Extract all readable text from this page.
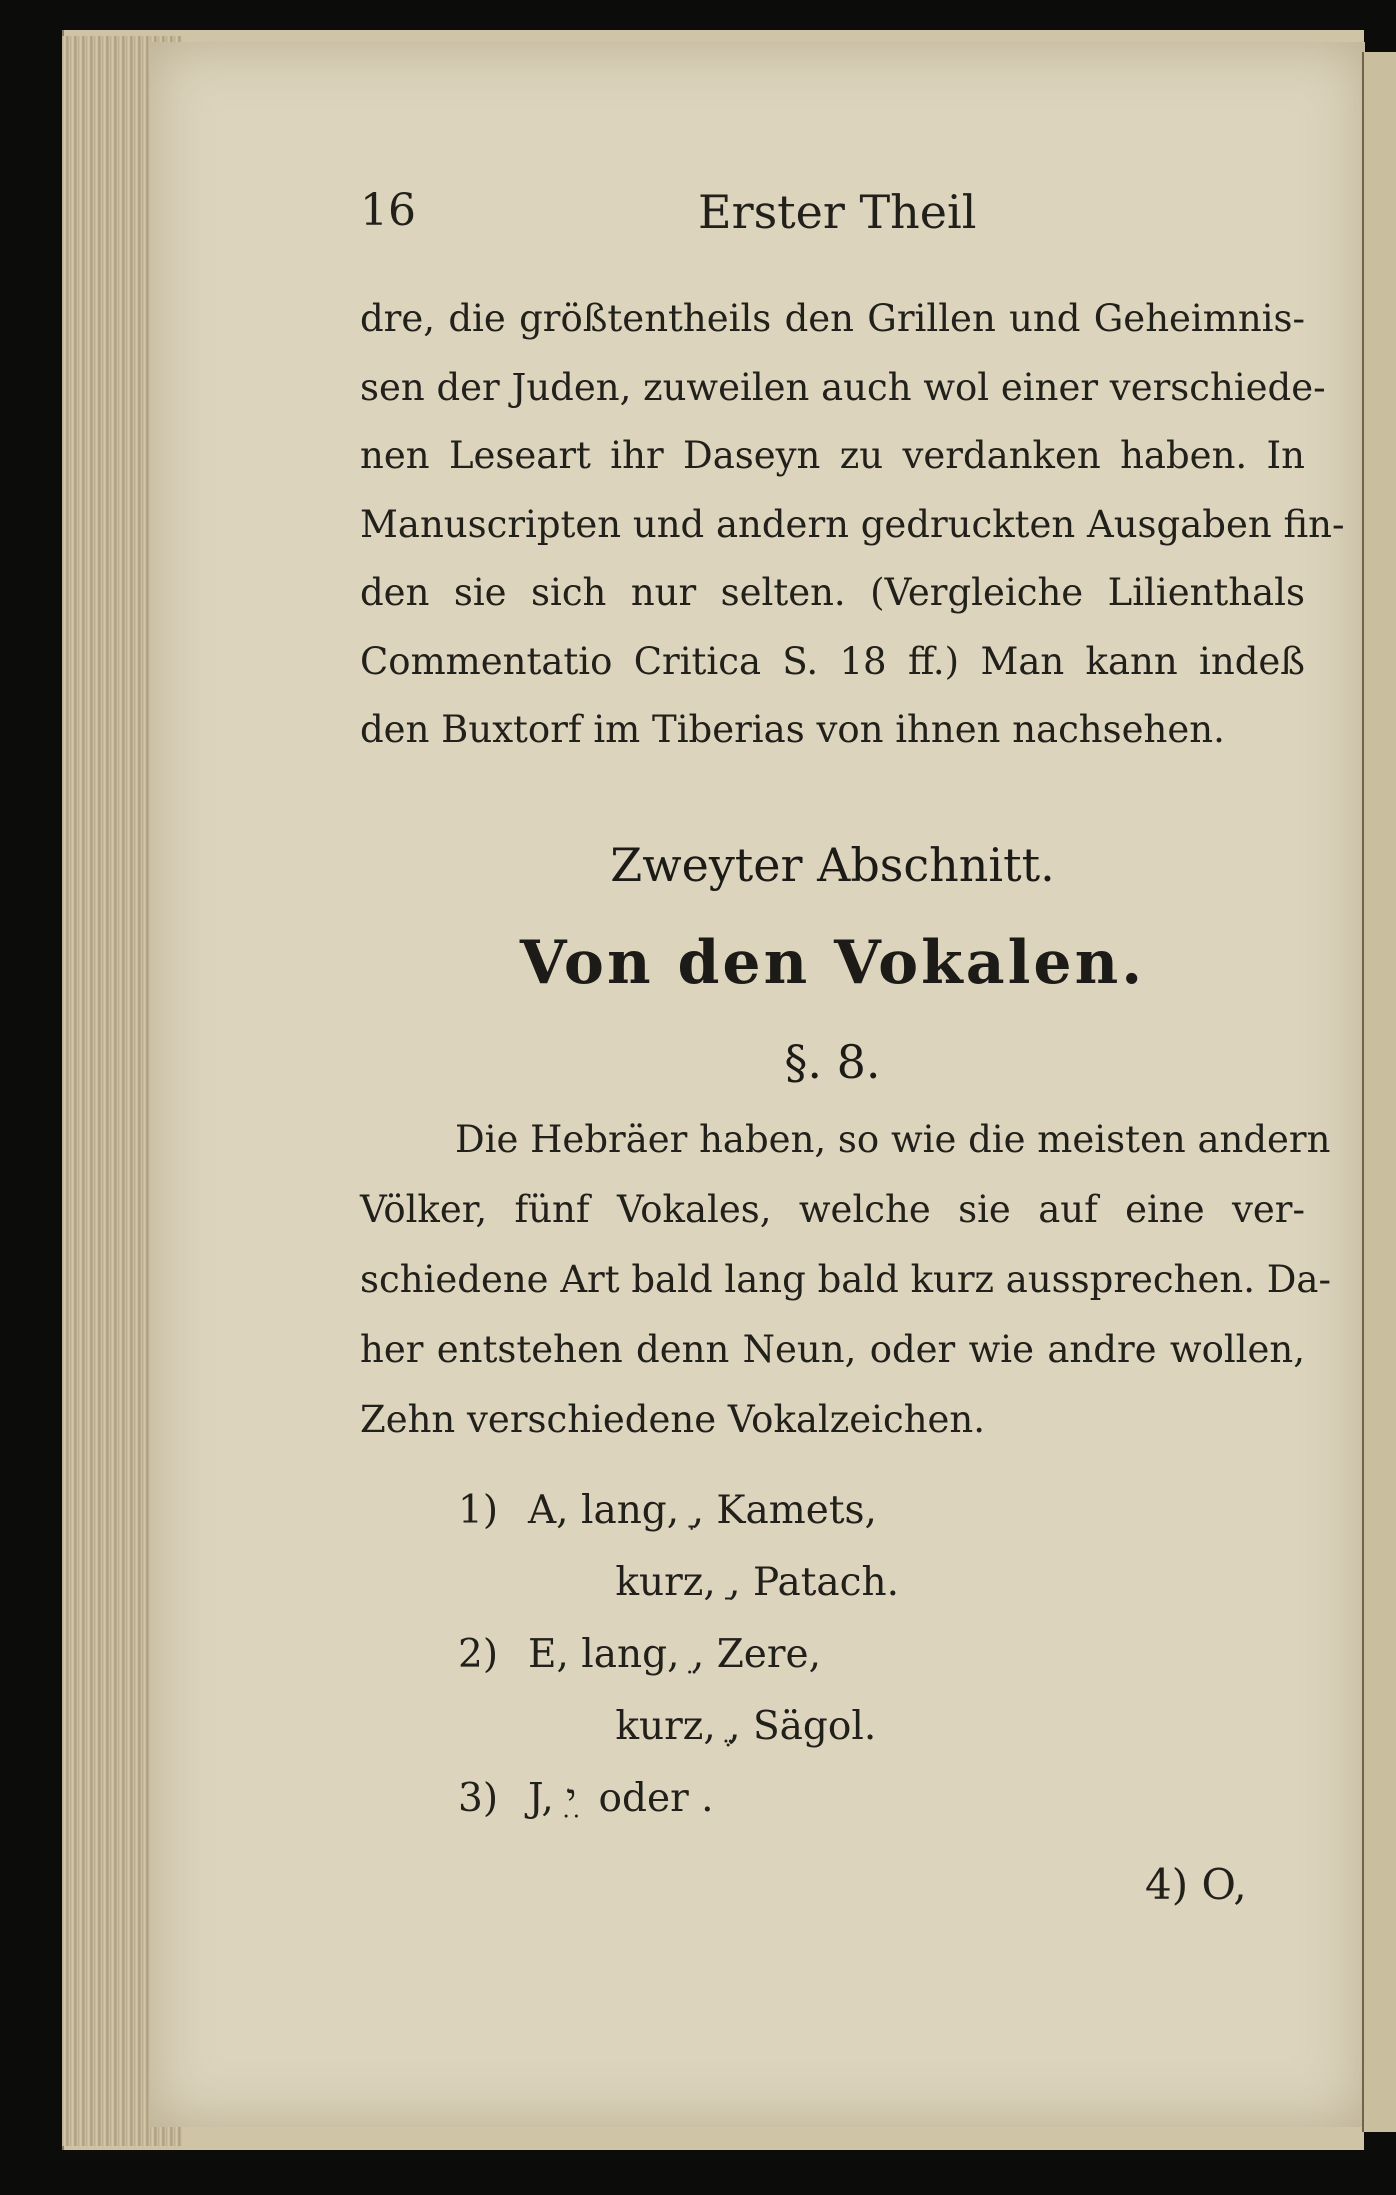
16	Erster Theil
dre, die größtentheils den Grillen und Geheimnis-
sen der Juden, zuweilen auch wol einer verschiede-
nen Leseart ihr Daseyn zu verdanken haben. In
Manuscripten und andern gedruckten Ausgaben fin-
den sie sich nur selten. (Vergleiche Lilienthals
Commentatio Critica S. 18 ff.) Man kann indeß
den Buxtorf im Tiberias von ihnen nachsehen.
Zweyter Abschnitt.
Von den Vokalen.
§. 8.
Die Hebräer haben, so wie die meisten andern
Völker, fünf Vokales, welche sie auf eine ver-
schiedene Art bald lang bald kurz aussprechen. Da-
her entstehen denn Neun, oder wie andre wollen,
Zehn verschiedene Vokalzeichen.
1) A, lang, , Kamets,
kurz, , Patach.
2) E, lang, , Zere,
kurz, , Sägol.
3) J, ִי ִ oder .
4) O,
